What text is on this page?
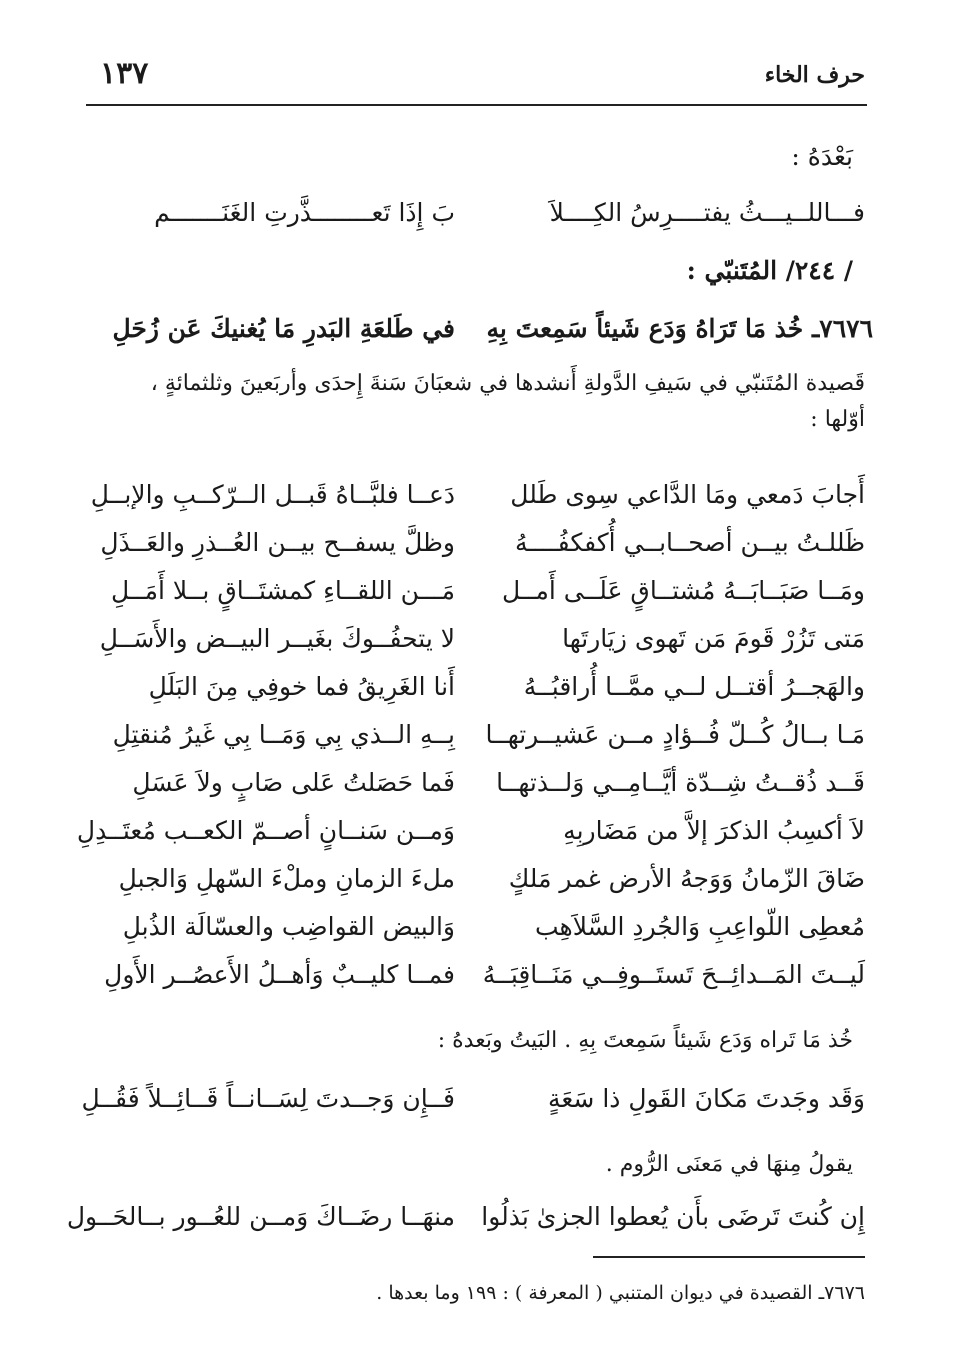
حرف الخاء
١٣٧
بَعْدَهُ :
فـــاللــيـــثُ يفتــــرِسُ الكِــــلاَ
بَ إِذَا تَعــــــــذَّرتِ الغَنَـــــــم
/ ٢٤٤/ المُتَنبّي :
٧٦٧٦ـ خُذ مَا تَرَاهُ وَدَع شَيئاً سَمِعتَ بِهِ
في طَلعَةِ البَدرِ مَا يُغنيكَ عَن زُحَلِ
قَصيدة المُتَنبّي في سَيفِ الدَّولةِ أَنشدها في شعبَانَ سَنةَ إِحدَى وأربَعينَ وثلثمائةٍ ،
أوّلها :
أَجابَ دَمعي ومَا الدَّاعي سِوى طَلل
دَعــا فلبَّــاهُ قَبــل الــرّكــبِ والإبــلِ
ظَللـتُ بيــن أصحــابــي أُكفكفُــــهُ
وظلَّ يسفــح بيــن العُــذرِ والعَــذَلِ
ومَــا صَبَــابَــهُ مُشتــاقٍ عَلَــى أَمــل
مَـــن اللقــاءِ كمشتَــاقٍ بــلا أَمَــلِ
مَتى تَزُرْ قَومَ مَن تَهوى زيَارتَها
لا يتحفُــوكَ بغَيــر البيــض والأَسَــلِ
والهَجــرُ أقتــل لــي ممَّــا أُراقبُــهُ
أَنا الغَرِيقُ فما خوفِي مِنَ البَلَلِ
مَـا بــالُ كُــلّ فُــؤادٍ مــن عَشيــرتهــا
بِــهِ الــذي بِي وَمَــا بِي غَيرُ مُنقتِلِ
قَــد ذُقــتُ شِــدّة أيَّــامِــي وَلــذتهــا
فَما حَصَلتُ عَلى صَابٍ ولاَ عَسَلِ
لاَ أكسِبُ الذكرَ إلاَّ من مَضَاربِهِ
وَمــن سَنــانٍ أصــمّ الكعــب مُعتَــدِلِ
ضَاقَ الزّمانُ وَوَجهُ الأرض غمر مَلكٍ
ملءَ الزمانِ وملْءَ السّهلِ وَالجبلِ
مُعطِى اللّواعِبِ وَالجُردِ السَّلاَهِب
وَالبيض القواضِب والعسّالَة الذُبلِ
لَيــتَ المَــدائِــحَ تَستَــوفِــي مَنَــاقِبَــهُ
فمــا كليــبٌ وَأهــلُ الأَعصُــر الأَولِ
خُذ مَا تَراه وَدَع شَيئاً سَمِعتَ بِهِ . البَيتُ وبَعدهُ :
وَقَد وجَدتَ مَكانَ القَولِ ذا سَعَةٍ
فَــإِن وَجــدتَ لِسَــانــاً قَــائِــلاً فَقُــلِ
يقولُ مِنهَا في مَعنَى الرُّوم .
إِن كُنتَ تَرضَى بأَن يُعطوا الجزىٰ بَذلُوا
منهَــا رضَــاكَ وَمــن للعُــور بــالحَــول
٧٦٧٦ـ القصيدة في ديوان المتنبي ( المعرفة ) : ١٩٩ وما بعدها .
